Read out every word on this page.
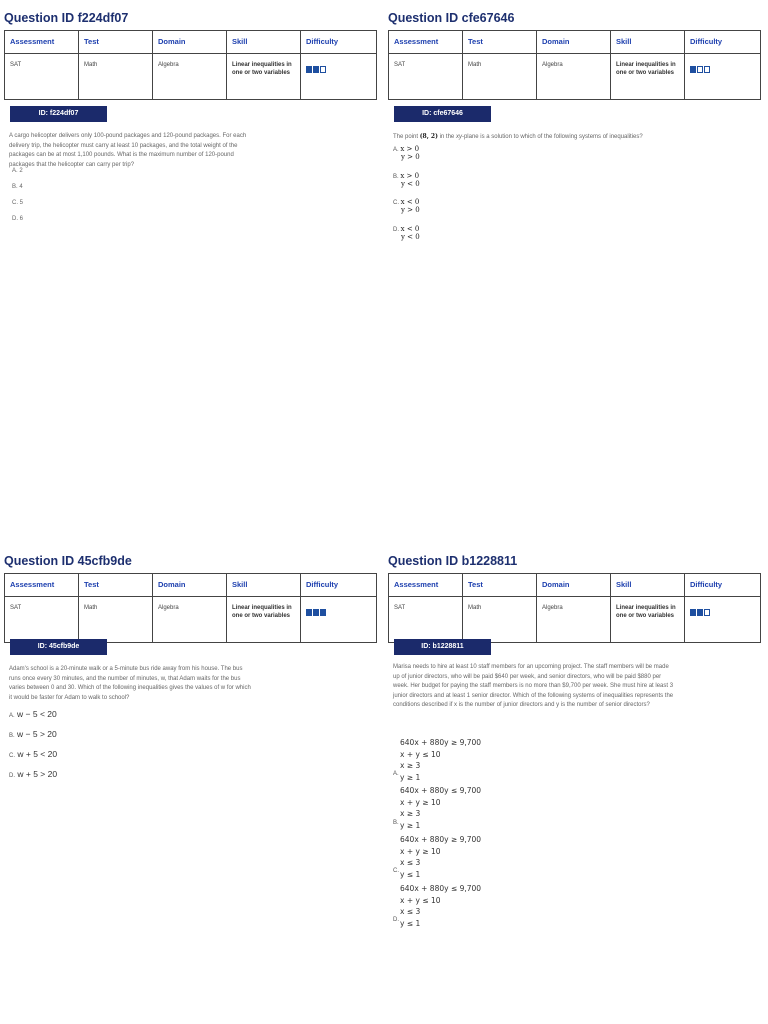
Question ID f224df07
Assessment	Test	Domain	Skill	Difficulty
SAT	Math	Algebra	Linear inequalities in one or two variables	
ID: f224df07

A cargo helicopter delivers only 100-pound packages and 120-pound packages. For each delivery trip, the helicopter must carry at least 10 packages, and the total weight of the packages can be at most 1,100 pounds. What is the maximum number of 120-pound packages that the helicopter can carry per trip?

A. 2
B. 4
C. 5
D. 6
Question ID cfe67646
Assessment	Test	Domain	Skill	Difficulty
SAT	Math	Algebra	Linear inequalities in one or two variables	
ID: cfe67646

The point (8, 2) in the xy-plane is a solution to which of the following systems of inequalities?

A. x > 0
y > 0
B. x > 0
y < 0
C. x < 0
y > 0
D. x < 0
y < 0
Question ID 45cfb9de
Assessment	Test	Domain	Skill	Difficulty
SAT	Math	Algebra	Linear inequalities in one or two variables	
ID: 45cfb9de

Adam's school is a 20-minute walk or a 5-minute bus ride away from his house. The bus runs once every 30 minutes, and the number of minutes, w, that Adam waits for the bus varies between 0 and 30. Which of the following inequalities gives the values of w for which it would be faster for Adam to walk to school?

A. w − 5 < 20
B. w − 5 > 20
C. w + 5 < 20
D. w + 5 > 20
Question ID b1228811
Assessment	Test	Domain	Skill	Difficulty
SAT	Math	Algebra	Linear inequalities in one or two variables	
ID: b1228811

Marisa needs to hire at least 10 staff members for an upcoming project. The staff members will be made up of junior directors, who will be paid $640 per week, and senior directors, who will be paid $880 per week. Her budget for paying the staff members is no more than $9,700 per week. She must hire at least 3 junior directors and at least 1 senior director. Which of the following systems of inequalities represents the conditions described if x is the number of junior directors and y is the number of senior directors?

640x + 880y ≥ 9,700
x + y ≤ 10
x ≥ 3
y ≥ 1
A.
640x + 880y ≤ 9,700
x + y ≥ 10
x ≥ 3
y ≥ 1
B.
640x + 880y ≥ 9,700
x + y ≥ 10
x ≤ 3
y ≤ 1
C.
640x + 880y ≤ 9,700
x + y ≤ 10
x ≤ 3
y ≤ 1
D.
